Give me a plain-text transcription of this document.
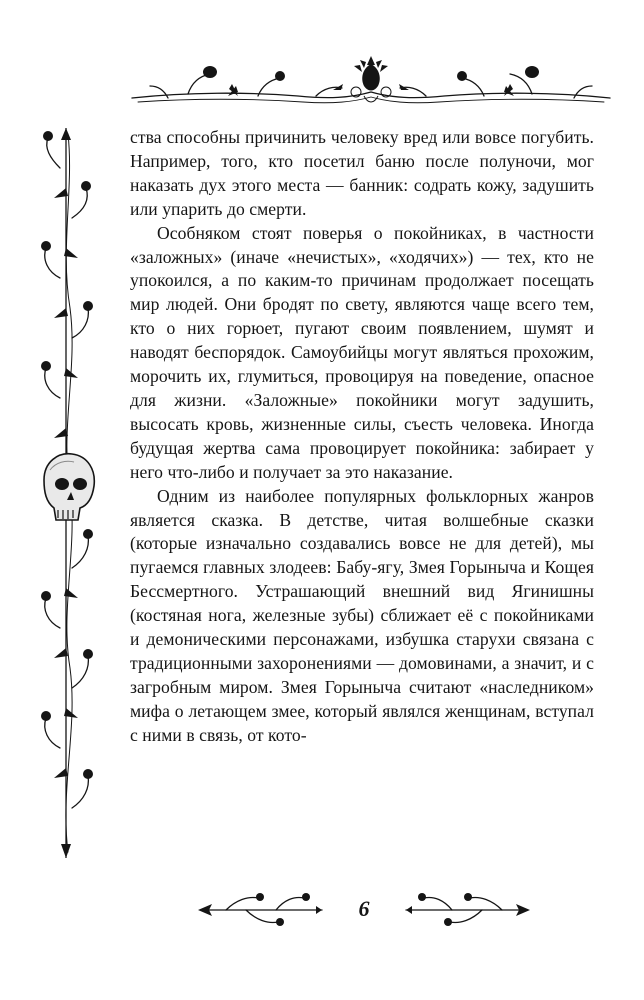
ства способны причинить человеку вред или вовсе погубить. Например, того, кто посетил баню после полуночи, мог наказать дух этого места — банник: содрать кожу, задушить или упарить до смерти.

Особняком стоят поверья о покойниках, в частности «заложных» (иначе «нечистых», «ходячих») — тех, кто не упокоился, а по каким-то причинам продолжает посещать мир людей. Они бродят по свету, являются чаще всего тем, кто о них горюет, пугают своим появлением, шумят и наводят беспорядок. Самоубийцы могут являться прохожим, морочить их, глумиться, провоцируя на поведение, опасное для жизни. «Заложные» покойники могут задушить, высосать кровь, жизненные силы, съесть человека. Иногда будущая жертва сама провоцирует покойника: забирает у него что-либо и получает за это наказание.

Одним из наиболее популярных фольклорных жанров является сказка. В детстве, читая волшебные сказки (которые изначально создавались вовсе не для детей), мы пугаемся главных злодеев: Бабу-ягу, Змея Горыныча и Кощея Бессмертного. Устрашающий внешний вид Ягинишны (костяная нога, железные зубы) сближает её с покойниками и демоническими персонажами, избушка старухи связана с традиционными захоронениями — домовинами, а значит, и с загробным миром. Змея Горыныча считают «наследником» мифа о летающем змее, который являлся женщинам, вступал с ними в связь, от кото-

6
